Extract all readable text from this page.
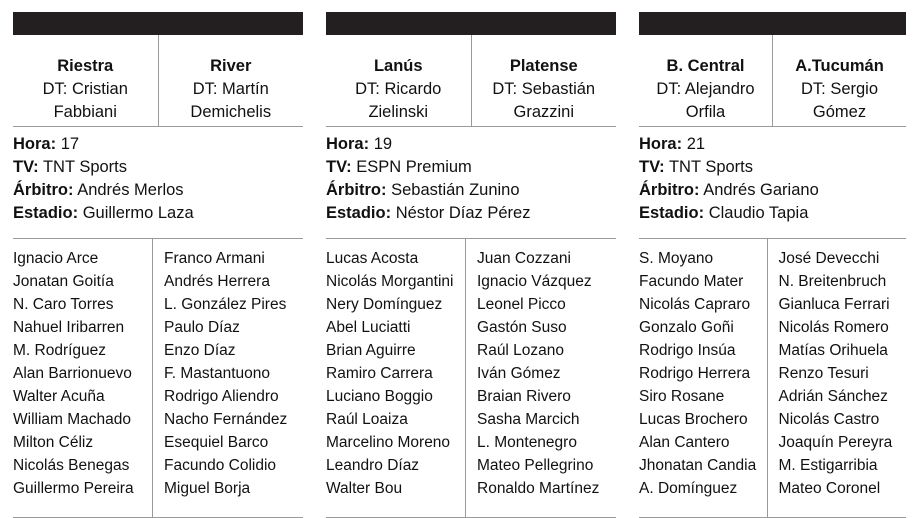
Riestra
DT: Cristian
Fabbiani
River
DT: Martín
Demichelis
Hora: 17
TV: TNT Sports
Árbitro: Andrés Merlos
Estadio: Guillermo Laza
Ignacio Arce
Jonatan Goitía
N. Caro Torres
Nahuel Iribarren
M. Rodríguez
Alan Barrionuevo
Walter Acuña
William Machado
Milton Céliz
Nicolás Benegas
Guillermo Pereira
Franco Armani
Andrés Herrera
L. González Pires
Paulo Díaz
Enzo Díaz
F. Mastantuono
Rodrigo Aliendro
Nacho Fernández
Esequiel Barco
Facundo Colidio
Miguel Borja
Lanús
DT: Ricardo
Zielinski
Platense
DT: Sebastián
Grazzini
Hora: 19
TV: ESPN Premium
Árbitro: Sebastián Zunino
Estadio: Néstor Díaz Pérez
Lucas Acosta
Nicolás Morgantini
Nery Domínguez
Abel Luciatti
Brian Aguirre
Ramiro Carrera
Luciano Boggio
Raúl Loaiza
Marcelino Moreno
Leandro Díaz
Walter Bou
Juan Cozzani
Ignacio Vázquez
Leonel Picco
Gastón Suso
Raúl Lozano
Iván Gómez
Braian Rivero
Sasha Marcich
L. Montenegro
Mateo Pellegrino
Ronaldo Martínez
B. Central
DT: Alejandro
Orfila
A.Tucumán
DT: Sergio
Gómez
Hora: 21
TV: TNT Sports
Árbitro: Andrés Gariano
Estadio: Claudio Tapia
S. Moyano
Facundo Mater
Nicolás Capraro
Gonzalo Goñi
Rodrigo Insúa
Rodrigo Herrera
Siro Rosane
Lucas Brochero
Alan Cantero
Jhonatan Candia
A. Domínguez
José Devecchi
N. Breitenbruch
Gianluca Ferrari
Nicolás Romero
Matías Orihuela
Renzo Tesuri
Adrián Sánchez
Nicolás Castro
Joaquín Pereyra
M. Estigarribia
Mateo Coronel
